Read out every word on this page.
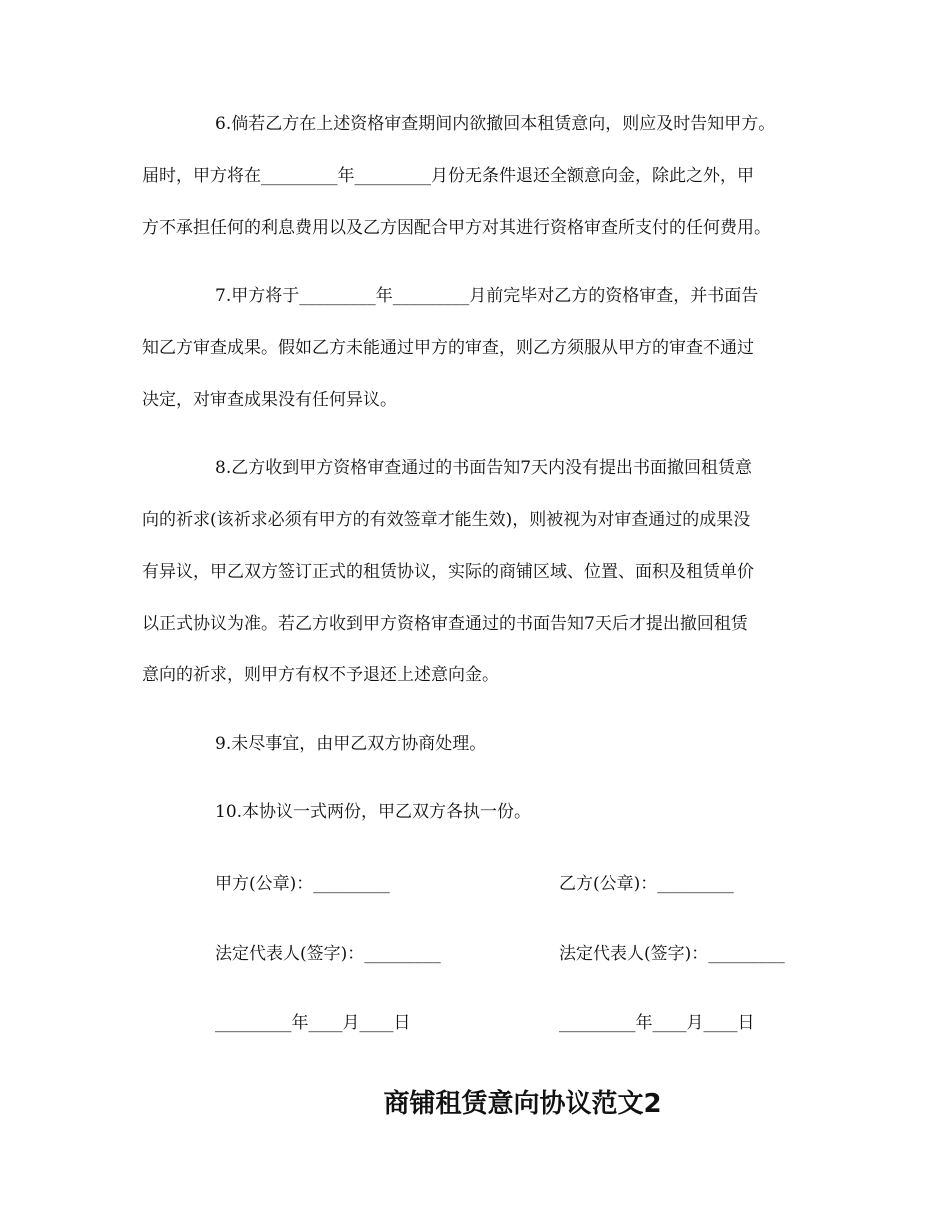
6.倘若乙方在上述资格审查期间内欲撤回本租赁意向，则应及时告知甲方。
届时，甲方将在_________年_________月份无条件退还全额意向金，除此之外，甲
方不承担任何的利息费用以及乙方因配合甲方对其进行资格审查所支付的任何费用。
7.甲方将于_________年_________月前完毕对乙方的资格审查，并书面告
知乙方审查成果。假如乙方未能通过甲方的审查，则乙方须服从甲方的审查不通过
决定，对审查成果没有任何异议。
8.乙方收到甲方资格审查通过的书面告知7天内没有提出书面撤回租赁意
向的祈求(该祈求必须有甲方的有效签章才能生效)，则被视为对审查通过的成果没
有异议，甲乙双方签订正式的租赁协议，实际的商铺区域、位置、面积及租赁单价
以正式协议为准。若乙方收到甲方资格审查通过的书面告知7天后才提出撤回租赁
意向的祈求，则甲方有权不予退还上述意向金。
9.未尽事宜，由甲乙双方协商处理。
10.本协议一式两份，甲乙双方各执一份。
甲方(公章)：_________	乙方(公章)：_________
法定代表人(签字)：_________	法定代表人(签字)：_________
_________年____月____日	_________年____月____日
商铺租赁意向协议范文2
